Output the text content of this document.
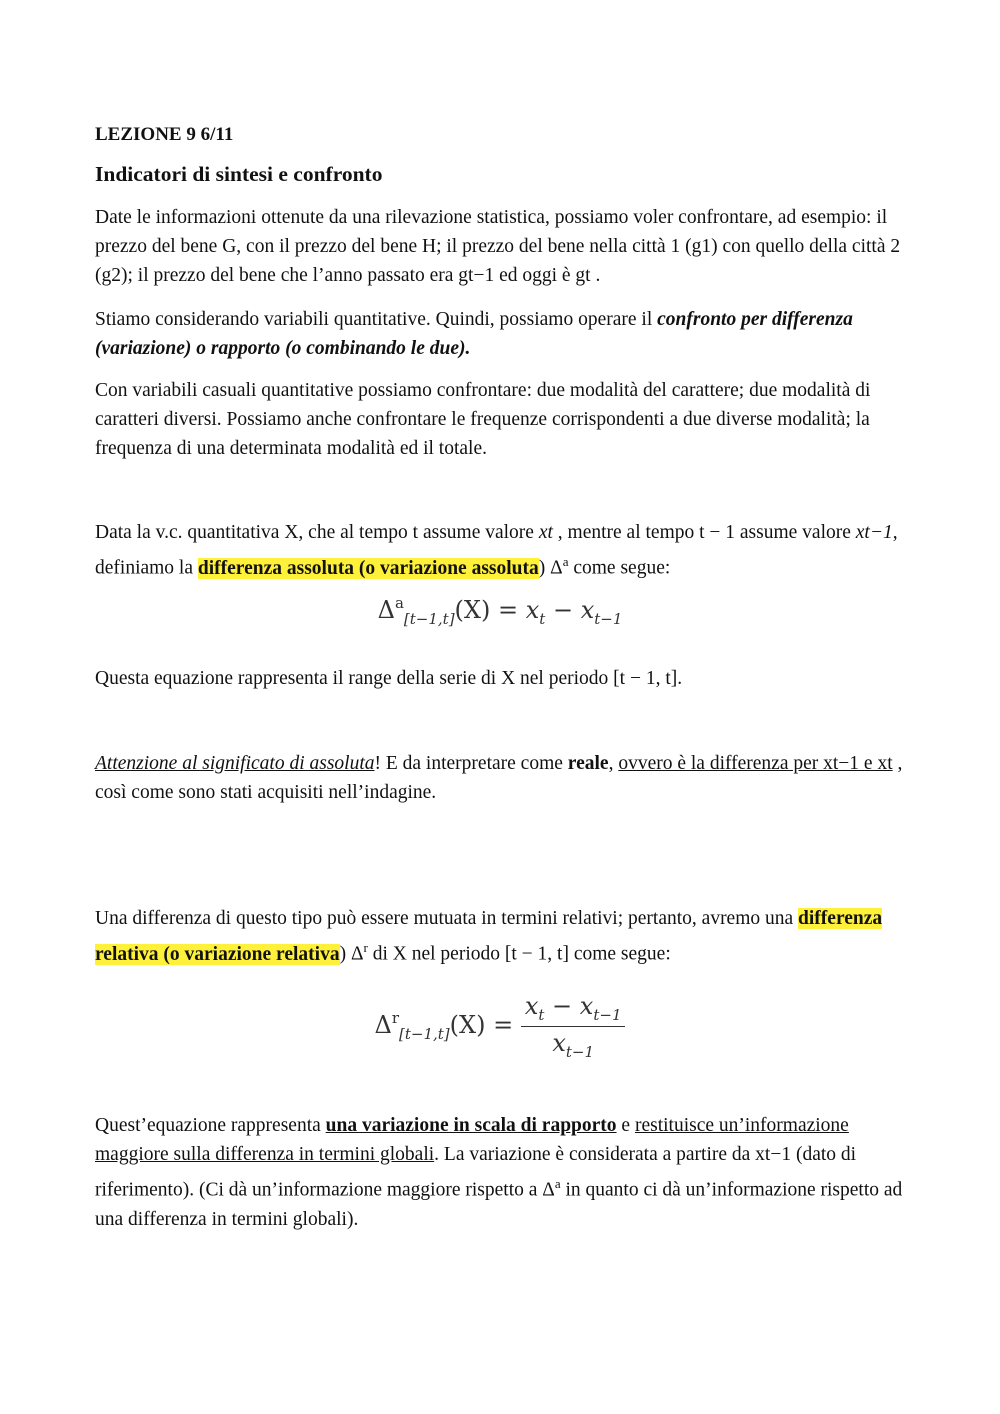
LEZIONE 9 6/11
Indicatori di sintesi e confronto
Date le informazioni ottenute da una rilevazione statistica, possiamo voler confrontare, ad esempio: il prezzo del bene G, con il prezzo del bene H; il prezzo del bene nella città 1 (g1) con quello della città 2 (g2); il prezzo del bene che l’anno passato era gt−1 ed oggi è gt .
Stiamo considerando variabili quantitative. Quindi, possiamo operare il confronto per differenza (variazione) o rapporto (o combinando le due).
Con variabili casuali quantitative possiamo confrontare: due modalità del carattere; due modalità di caratteri diversi. Possiamo anche confrontare le frequenze corrispondenti a due diverse modalità; la frequenza di una determinata modalità ed il totale.
Data la v.c. quantitativa X, che al tempo t assume valore xt , mentre al tempo t − 1 assume valore xt−1, definiamo la differenza assoluta (o variazione assoluta) $\Delta^a$ come segue:
$\Delta^a_{[t-1,t]}(X) = x_t - x_{t-1}$
Questa equazione rappresenta il range della serie di X nel periodo [t − 1, t].
Attenzione al significato di assoluta! E da interpretare come reale, ovvero è la differenza per xt−1 e xt , così come sono stati acquisiti nell’indagine.
Una differenza di questo tipo può essere mutuata in termini relativi; pertanto, avremo una differenza relativa (o variazione relativa) $\Delta^r$ di X nel periodo [t − 1, t] come segue:
$\Delta^r_{[t-1,t]}(X) = \frac{x_t - x_{t-1}}{x_{t-1}}$
Quest’equazione rappresenta una variazione in scala di rapporto e restituisce un’informazione maggiore sulla differenza in termini globali. La variazione è considerata a partire da xt−1 (dato di riferimento). (Ci dà un’informazione maggiore rispetto a $\Delta^a$ in quanto ci dà un’informazione rispetto ad una differenza in termini globali).
